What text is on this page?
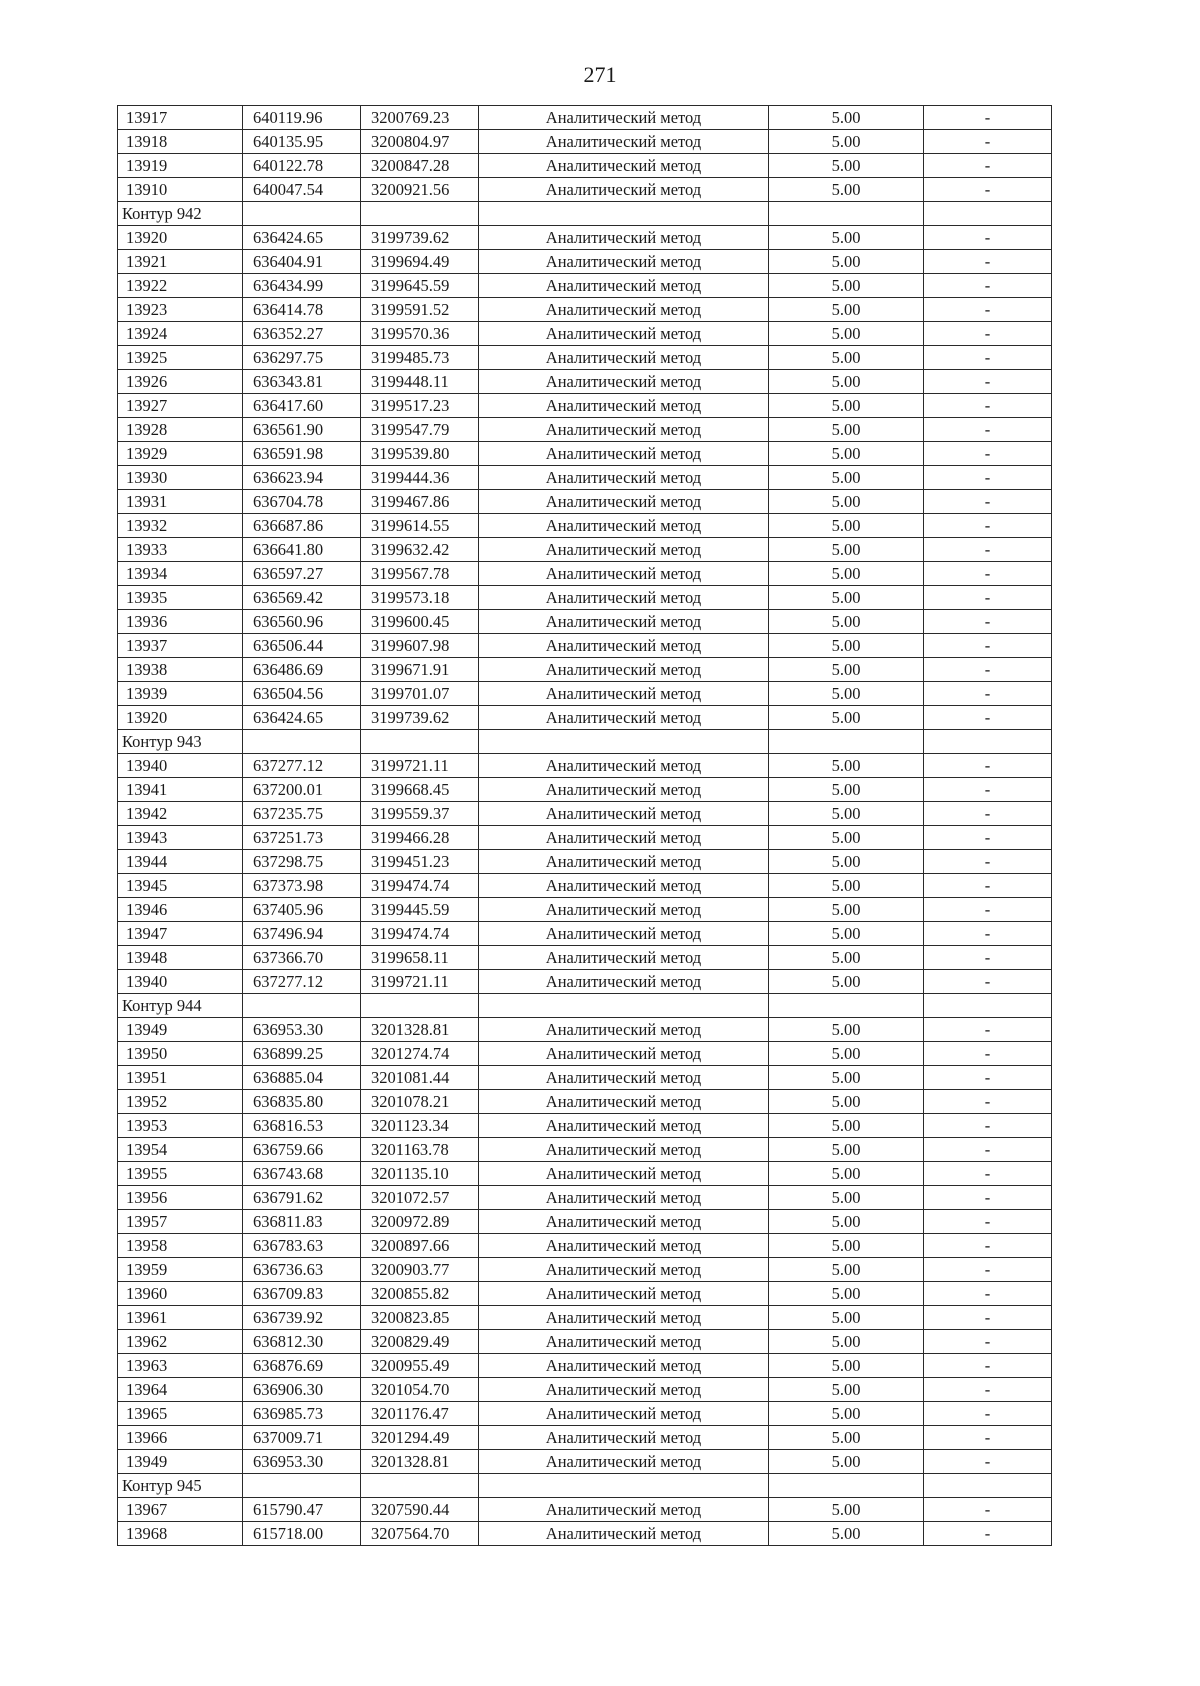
271
13917	640119.96	3200769.23	Аналитический метод	5.00	-
13918	640135.95	3200804.97	Аналитический метод	5.00	-
13919	640122.78	3200847.28	Аналитический метод	5.00	-
13910	640047.54	3200921.56	Аналитический метод	5.00	-
Контур 942					
13920	636424.65	3199739.62	Аналитический метод	5.00	-
13921	636404.91	3199694.49	Аналитический метод	5.00	-
13922	636434.99	3199645.59	Аналитический метод	5.00	-
13923	636414.78	3199591.52	Аналитический метод	5.00	-
13924	636352.27	3199570.36	Аналитический метод	5.00	-
13925	636297.75	3199485.73	Аналитический метод	5.00	-
13926	636343.81	3199448.11	Аналитический метод	5.00	-
13927	636417.60	3199517.23	Аналитический метод	5.00	-
13928	636561.90	3199547.79	Аналитический метод	5.00	-
13929	636591.98	3199539.80	Аналитический метод	5.00	-
13930	636623.94	3199444.36	Аналитический метод	5.00	-
13931	636704.78	3199467.86	Аналитический метод	5.00	-
13932	636687.86	3199614.55	Аналитический метод	5.00	-
13933	636641.80	3199632.42	Аналитический метод	5.00	-
13934	636597.27	3199567.78	Аналитический метод	5.00	-
13935	636569.42	3199573.18	Аналитический метод	5.00	-
13936	636560.96	3199600.45	Аналитический метод	5.00	-
13937	636506.44	3199607.98	Аналитический метод	5.00	-
13938	636486.69	3199671.91	Аналитический метод	5.00	-
13939	636504.56	3199701.07	Аналитический метод	5.00	-
13920	636424.65	3199739.62	Аналитический метод	5.00	-
Контур 943					
13940	637277.12	3199721.11	Аналитический метод	5.00	-
13941	637200.01	3199668.45	Аналитический метод	5.00	-
13942	637235.75	3199559.37	Аналитический метод	5.00	-
13943	637251.73	3199466.28	Аналитический метод	5.00	-
13944	637298.75	3199451.23	Аналитический метод	5.00	-
13945	637373.98	3199474.74	Аналитический метод	5.00	-
13946	637405.96	3199445.59	Аналитический метод	5.00	-
13947	637496.94	3199474.74	Аналитический метод	5.00	-
13948	637366.70	3199658.11	Аналитический метод	5.00	-
13940	637277.12	3199721.11	Аналитический метод	5.00	-
Контур 944					
13949	636953.30	3201328.81	Аналитический метод	5.00	-
13950	636899.25	3201274.74	Аналитический метод	5.00	-
13951	636885.04	3201081.44	Аналитический метод	5.00	-
13952	636835.80	3201078.21	Аналитический метод	5.00	-
13953	636816.53	3201123.34	Аналитический метод	5.00	-
13954	636759.66	3201163.78	Аналитический метод	5.00	-
13955	636743.68	3201135.10	Аналитический метод	5.00	-
13956	636791.62	3201072.57	Аналитический метод	5.00	-
13957	636811.83	3200972.89	Аналитический метод	5.00	-
13958	636783.63	3200897.66	Аналитический метод	5.00	-
13959	636736.63	3200903.77	Аналитический метод	5.00	-
13960	636709.83	3200855.82	Аналитический метод	5.00	-
13961	636739.92	3200823.85	Аналитический метод	5.00	-
13962	636812.30	3200829.49	Аналитический метод	5.00	-
13963	636876.69	3200955.49	Аналитический метод	5.00	-
13964	636906.30	3201054.70	Аналитический метод	5.00	-
13965	636985.73	3201176.47	Аналитический метод	5.00	-
13966	637009.71	3201294.49	Аналитический метод	5.00	-
13949	636953.30	3201328.81	Аналитический метод	5.00	-
Контур 945					
13967	615790.47	3207590.44	Аналитический метод	5.00	-
13968	615718.00	3207564.70	Аналитический метод	5.00	-
